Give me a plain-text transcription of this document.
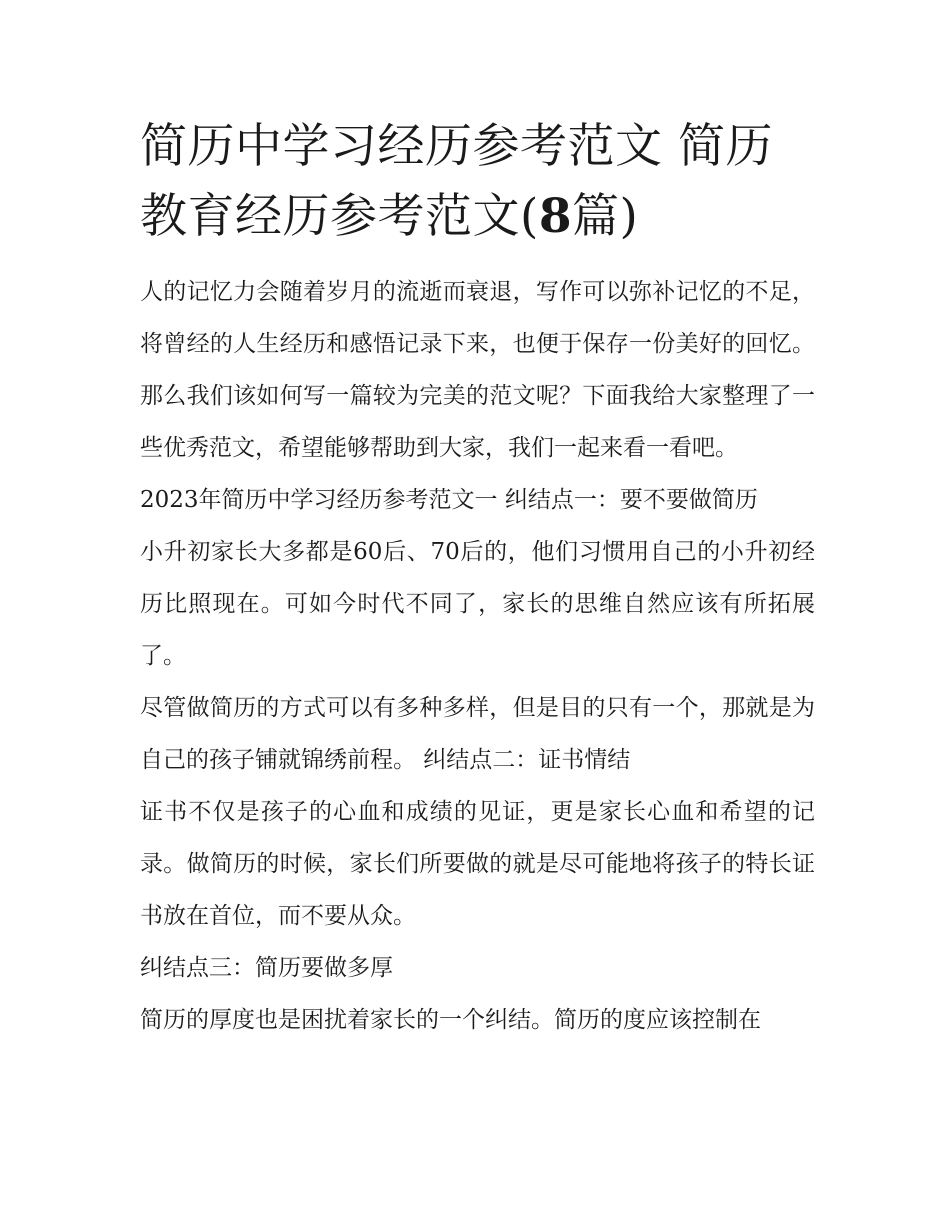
简历中学习经历参考范文 简历教育经历参考范文(8篇)

人的记忆力会随着岁月的流逝而衰退，写作可以弥补记忆的不足，将曾经的人生经历和感悟记录下来，也便于保存一份美好的回忆。那么我们该如何写一篇较为完美的范文呢？下面我给大家整理了一些优秀范文，希望能够帮助到大家，我们一起来看一看吧。

2023年简历中学习经历参考范文一 纠结点一：要不要做简历

小升初家长大多都是60后、70后的，他们习惯用自己的小升初经历比照现在。可如今时代不同了，家长的思维自然应该有所拓展了。

尽管做简历的方式可以有多种多样，但是目的只有一个，那就是为自己的孩子铺就锦绣前程。 纠结点二：证书情结

证书不仅是孩子的心血和成绩的见证，更是家长心血和希望的记录。做简历的时候，家长们所要做的就是尽可能地将孩子的特长证书放在首位，而不要从众。

纠结点三：简历要做多厚

简历的厚度也是困扰着家长的一个纠结。简历的度应该控制在
